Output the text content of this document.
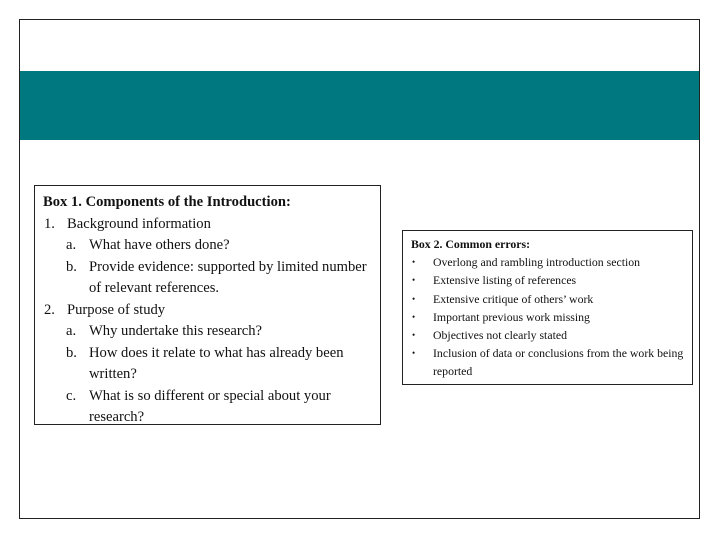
Box 1. Components of the Introduction:
1. Background information
a. What have others done?
b. Provide evidence: supported by limited number of relevant references.
2. Purpose of study
a. Why undertake this research?
b. How does it relate to what has already been written?
c. What is so different or special about your research?
Box 2. Common errors:
• Overlong and rambling introduction section
• Extensive listing of references
• Extensive critique of others’ work
• Important previous work missing
• Objectives not clearly stated
• Inclusion of data or conclusions from the work being reported
